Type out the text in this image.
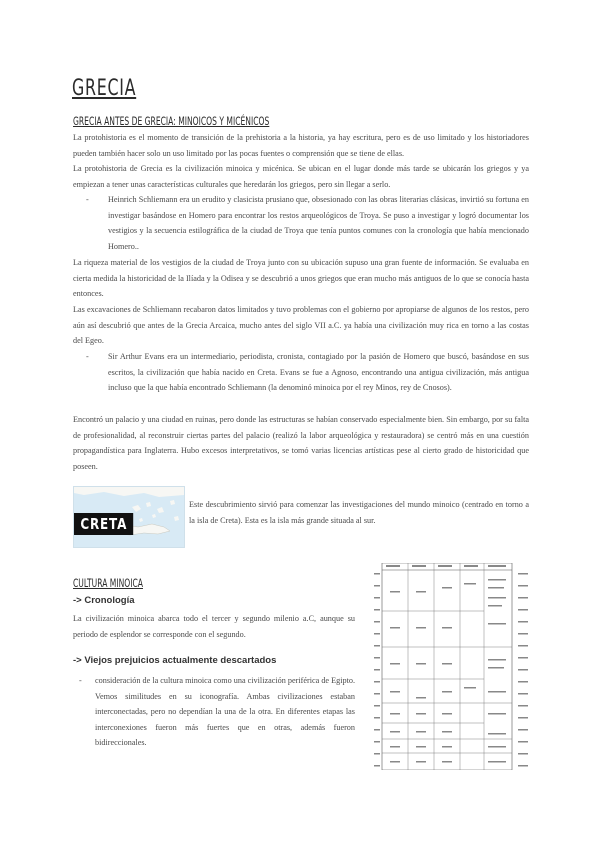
GRECIA
GRECIA ANTES DE GRECIA: MINOICOS Y MICÉNICOS
La protohistoria es el momento de transición de la prehistoria a la historia, ya hay escritura, pero es de uso limitado y los historiadores pueden también hacer solo un uso limitado por las pocas fuentes o comprensión que se tiene de ellas.
La protohistoria de Grecia es la civilización minoica y micénica. Se ubican en el lugar donde más tarde se ubicarán los griegos y ya empiezan a tener unas características culturales que heredarán los griegos, pero sin llegar a serlo.
- Heinrich Schliemann era un erudito y clasicista prusiano que, obsesionado con las obras literarias clásicas, invirtió su fortuna en investigar basándose en Homero para encontrar los restos arqueológicos de Troya. Se puso a investigar y logró documentar los vestigios y la secuencia estilográfica de la ciudad de Troya que tenía puntos comunes con la cronología que había mencionado Homero..
La riqueza material de los vestigios de la ciudad de Troya junto con su ubicación supuso una gran fuente de información. Se evaluaba en cierta medida la historicidad de la Ilíada y la Odisea y se descubrió a unos griegos que eran mucho más antiguos de lo que se conocía hasta entonces.
Las excavaciones de Schliemann recabaron datos limitados y tuvo problemas con el gobierno por apropiarse de algunos de los restos, pero aún así descubrió que antes de la Grecia Arcaica, mucho antes del siglo VII a.C. ya había una civilización muy rica en torno a las costas del Egeo.
- Sir Arthur Evans era un intermediario, periodista, cronista, contagiado por la pasión de Homero que buscó, basándose en sus escritos, la civilización que había nacido en Creta. Evans se fue a Agnoso, encontrando una antigua civilización, más antigua incluso que la que había encontrado Schliemann (la denominó minoica por el rey Minos, rey de Cnosos).
Encontró un palacio y una ciudad en ruinas, pero donde las estructuras se habían conservado especialmente bien. Sin embargo, por su falta de profesionalidad, al reconstruir ciertas partes del palacio (realizó la labor arqueológica y restauradora) se centró más en una cuestión propagandística para Inglaterra. Hubo excesos interpretativos, se tomó varias licencias artísticas pese al cierto grado de historicidad que poseen.
CRETA
Este descubrimiento sirvió para comenzar las investigaciones del mundo minoico (centrado en torno a la isla de Creta). Esta es la isla más grande situada al sur.
CULTURA MINOICA
-> Cronología
La civilización minoica abarca todo el tercer y segundo milenio a.C, aunque su periodo de esplendor se corresponde con el segundo.
-> Viejos prejuicios actualmente descartados
- consideración de la cultura minoica como una civilización periférica de Egipto. Vemos similitudes en su iconografía. Ambas civilizaciones estaban interconectadas, pero no dependían la una de la otra. En diferentes etapas las interconexiones fueron más fuertes que en otras, además fueron bidireccionales.
